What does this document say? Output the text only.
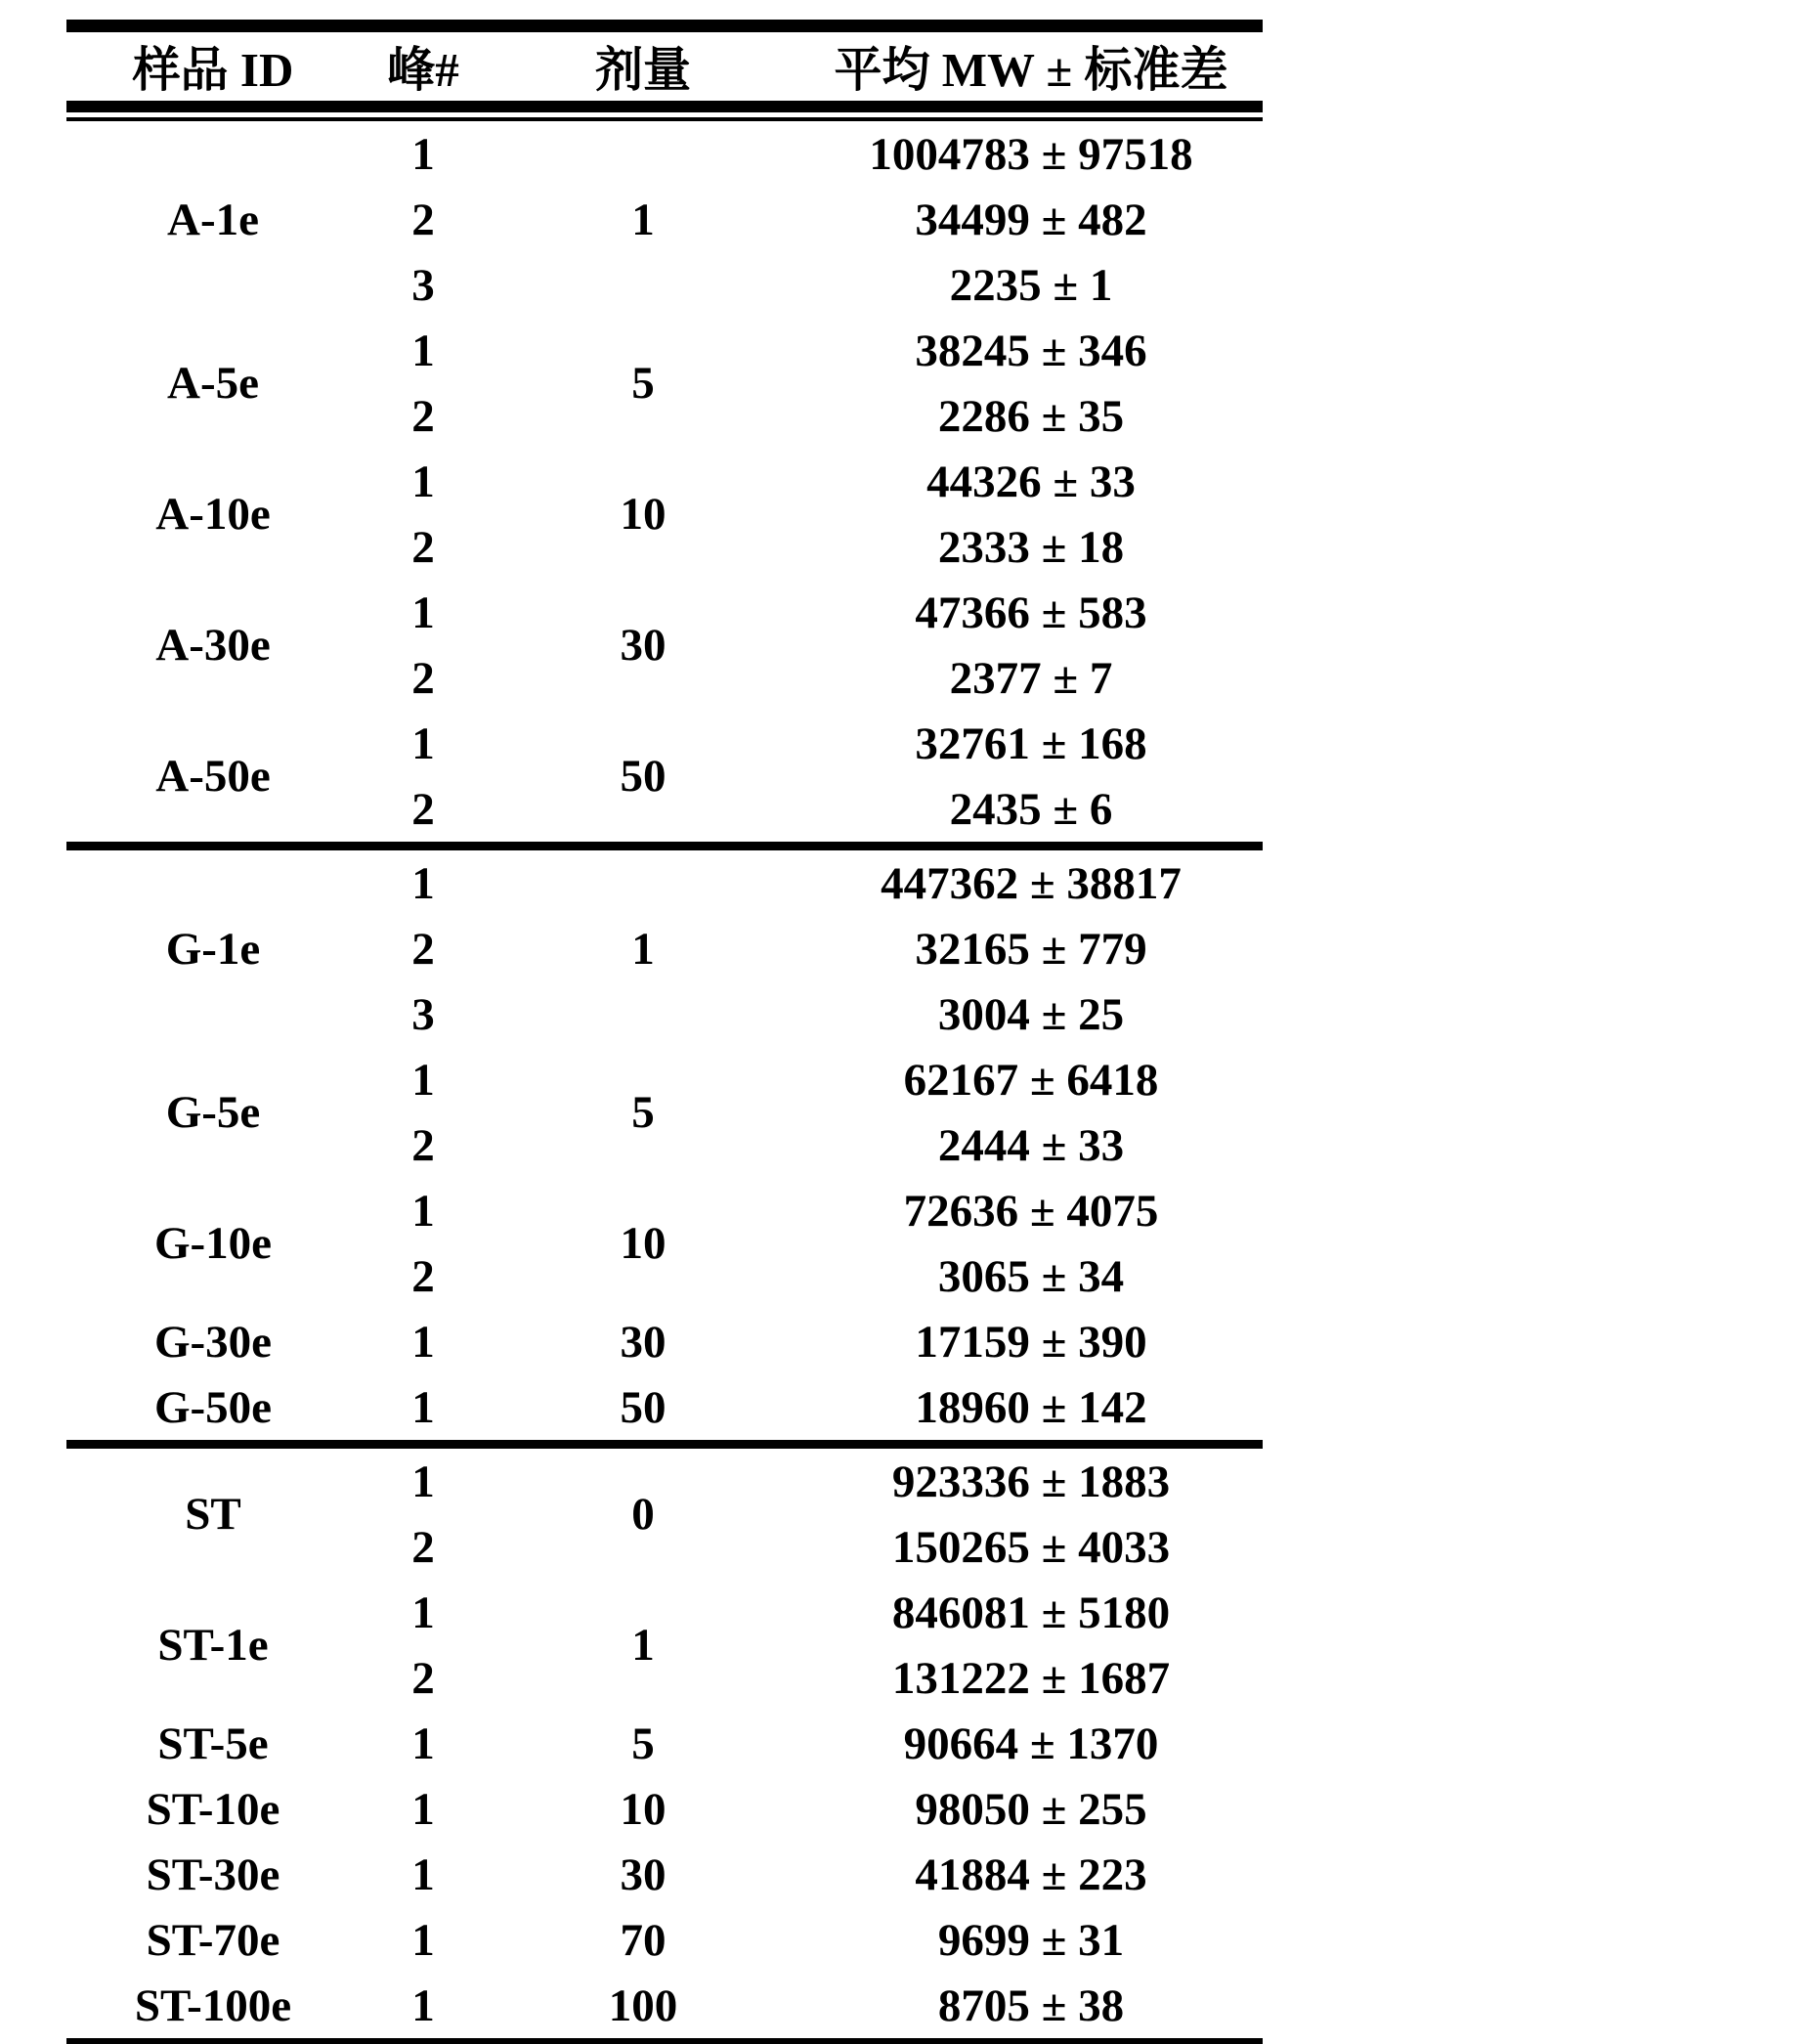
样品 ID	峰#	剂量	平均 MW ± 标准差

A-1e	1	1	1004783 ± 97518
	2		34499 ± 482
	3		2235 ± 1
A-5e	1	5	38245 ± 346
	2		2286 ± 35
A-10e	1	10	44326 ± 33
	2		2333 ± 18
A-30e	1	30	47366 ± 583
	2		2377 ± 7
A-50e	1	50	32761 ± 168
	2		2435 ± 6
G-1e	1	1	447362 ± 38817
	2		32165 ± 779
	3		3004 ± 25
G-5e	1	5	62167 ± 6418
	2		2444 ± 33
G-10e	1	10	72636 ± 4075
	2		3065 ± 34
G-30e	1	30	17159 ± 390
G-50e	1	50	18960 ± 142
ST	1	0	923336 ± 1883
	2		150265 ± 4033
ST-1e	1	1	846081 ± 5180
	2		131222 ± 1687
ST-5e	1	5	90664 ± 1370
ST-10e	1	10	98050 ± 255
ST-30e	1	30	41884 ± 223
ST-70e	1	70	9699 ± 31
ST-100e	1	100	8705 ± 38
